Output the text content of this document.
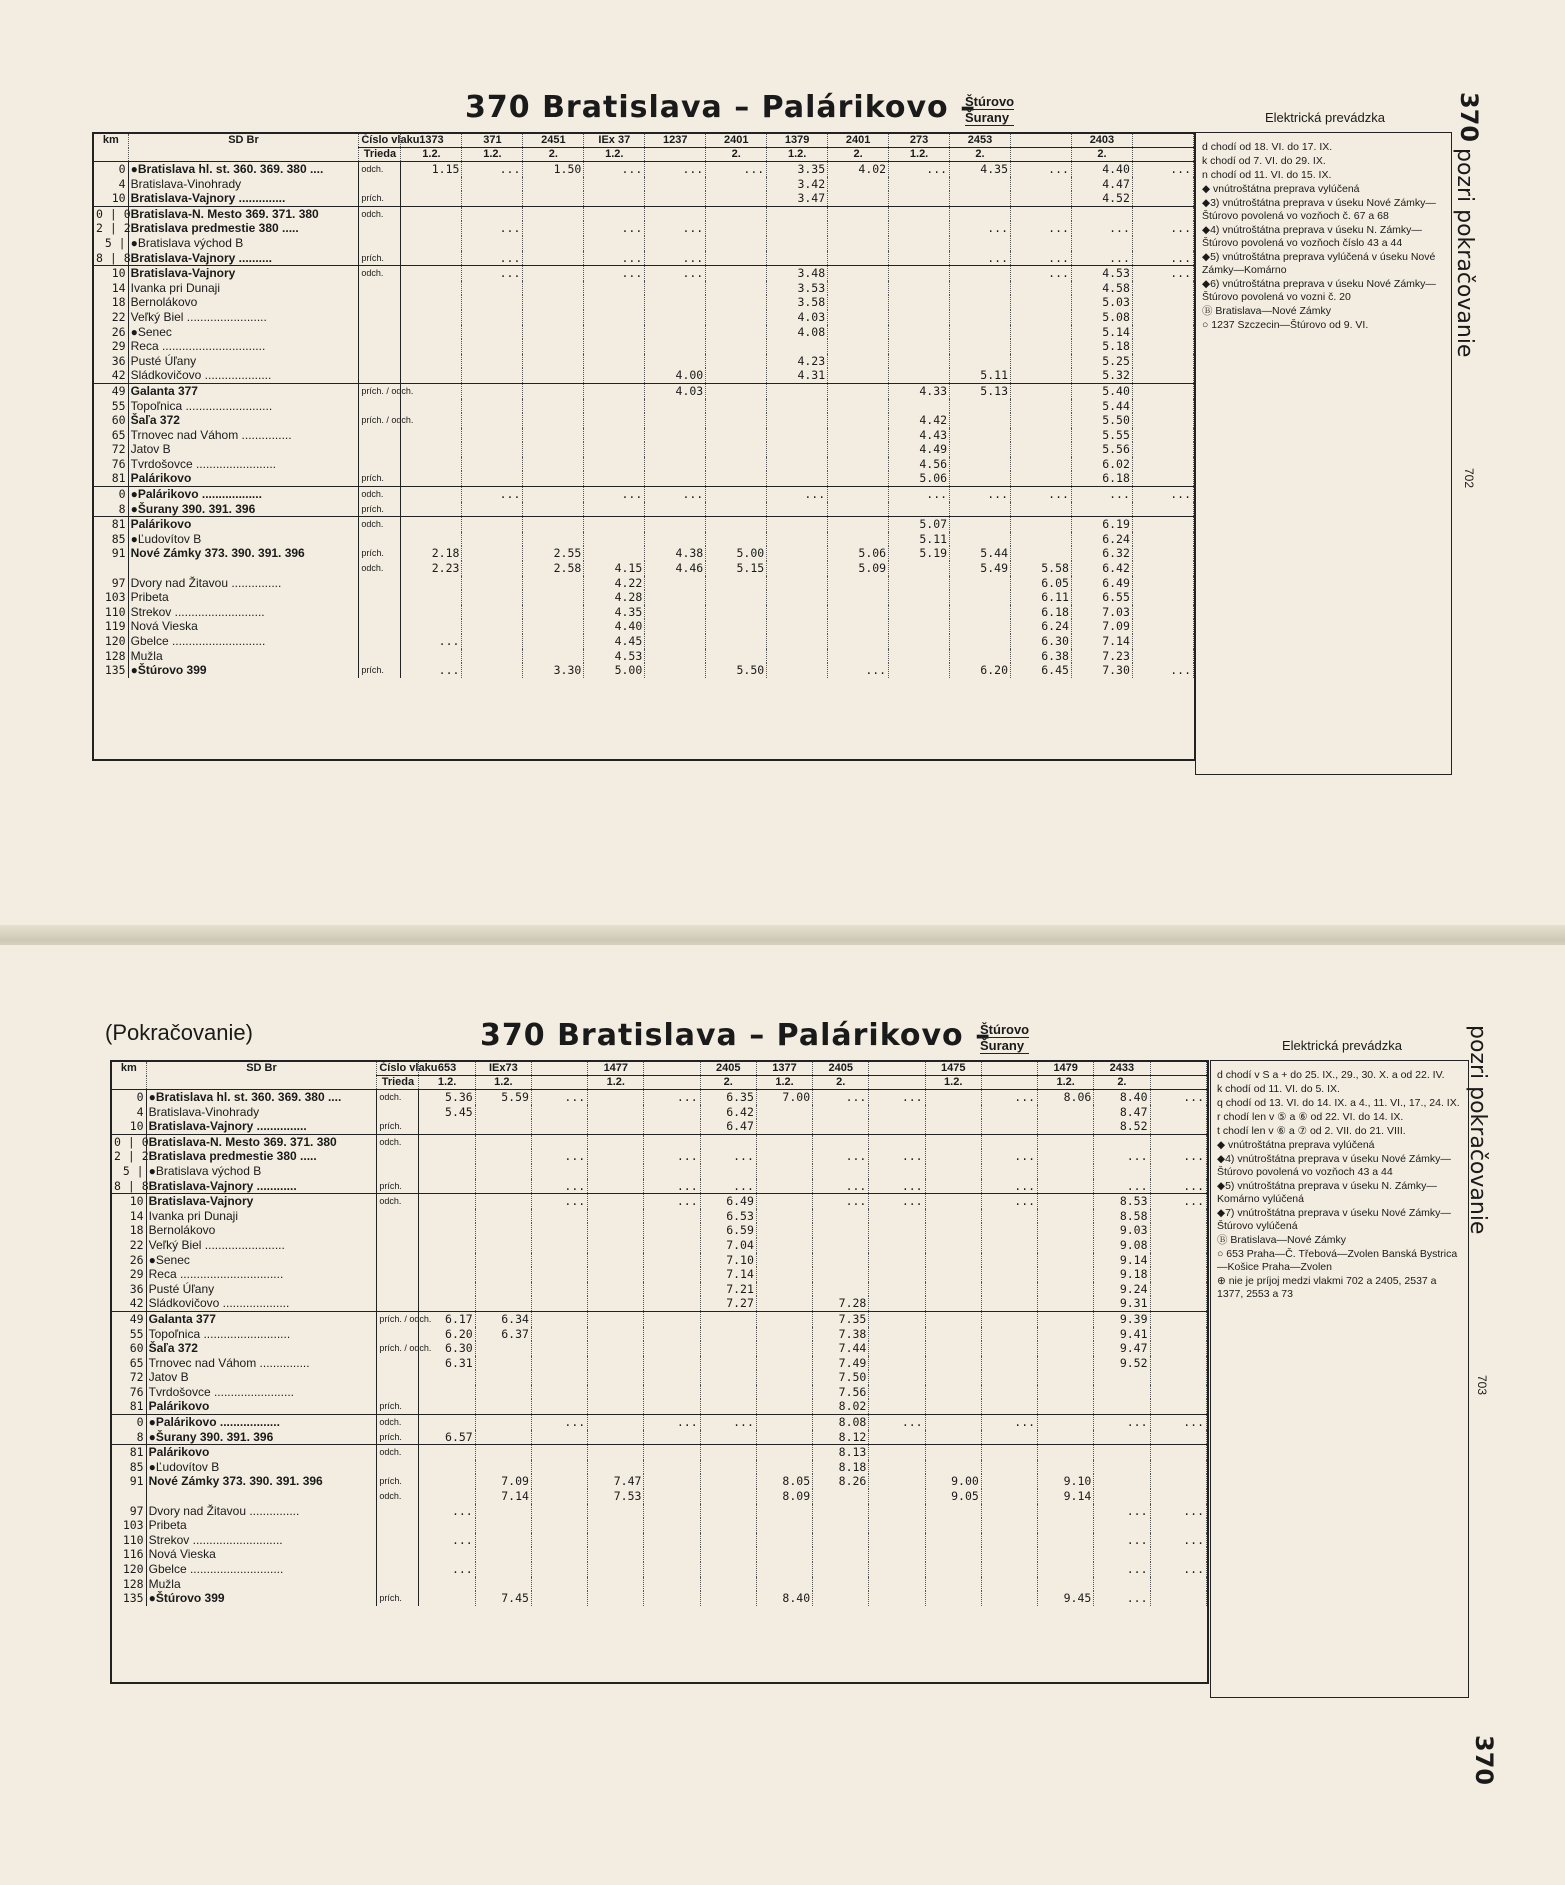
370 Bratislava – Palárikovo –
Štúrovo
Šurany	Elektrická prevádzka	370
pozri pokračovanie
702
km	SD Br	Číslo vlaku	1373	371	2451	IEx 37	1237	2401	1379	2401	273	2453		2403	
		Trieda	1.2.	1.2.	2.	1.2.		2.	1.2.	2.	1.2.	2.		2.	
0	●Bratislava hl. st. 360. 369. 380 ....	odch.	1.15	...	1.50	...	...	...	3.35	4.02	...	4.35	...	4.40	...
4	Bratislava-Vinohrady								3.42					4.47	
10	Bratislava-Vajnory ..............	prích.							3.47					4.52	
0 | 0	Bratislava-N. Mesto 369. 371. 380	odch.													
2 | 2	Bratislava predmestie 380 .....			...		...	...					...	...	...	...
5 |	●Bratislava východ B														
8 | 8	Bratislava-Vajnory ..........	prích.		...		...	...					...	...	...	...
10	Bratislava-Vajnory	odch.		...		...	...		3.48				...	4.53	...
14	Ivanka pri Dunaji								3.53					4.58	
18	Bernolákovo								3.58					5.03	
22	Veľký Biel ........................								4.03					5.08	
26	●Senec								4.08					5.14	
29	Reca ...............................													5.18	
36	Pusté Úľany								4.23					5.25	
42	Sládkovičovo ....................						4.00		4.31			5.11		5.32	
49	Galanta 377	prích. / odch.					4.03				4.33	5.13		5.40	
55	Topoľnica ..........................													5.44	
60	Šaľa 372	prích. / odch.									4.42			5.50	
65	Trnovec nad Váhom ...............										4.43			5.55	
72	Jatov B										4.49			5.56	
76	Tvrdošovce ........................										4.56			6.02	
81	Palárikovo	prích.									5.06			6.18	
0	●Palárikovo ..................	odch.		...		...	...		...		...	...	...	...	...
8	●Šurany 390. 391. 396	prích.													
81	Palárikovo	odch.									5.07			6.19	
85	●Ľudovítov B										5.11			6.24	
91	Nové Zámky 373. 390. 391. 396	prích.	2.18		2.55		4.38	5.00		5.06	5.19	5.44		6.32	
		odch.	2.23		2.58	4.15	4.46	5.15		5.09		5.49	5.58	6.42	
97	Dvory nad Žitavou ...............					4.22							6.05	6.49	
103	Pribeta					4.28							6.11	6.55	
110	Strekov ...........................					4.35							6.18	7.03	
119	Nová Vieska					4.40							6.24	7.09	
120	Gbelce ............................		...			4.45							6.30	7.14	
128	Mužla					4.53							6.38	7.23	
135	●Štúrovo 399	prích.	...		3.30	5.00		5.50		...		6.20	6.45	7.30	...
d chodí od 18. VI. do 17. IX.
k chodí od 7. VI. do 29. IX.
n chodí od 11. VI. do 15. IX.
◆ vnútroštátna preprava vylúčená
◆3) vnútroštátna preprava v úseku Nové Zámky—Štúrovo povolená vo vozňoch č. 67 a 68
◆4) vnútroštátna preprava v úseku N. Zámky—Štúrovo povolená vo vozňoch číslo 43 a 44
◆5) vnútroštátna preprava vylúčená v úseku Nové Zámky—Komárno
◆6) vnútroštátna preprava v úseku Nové Zámky—Štúrovo povolená vo vozni č. 20
Ⓑ Bratislava—Nové Zámky
○ 1237 Szczecin—Štúrovo od 9. VI.
(Pokračovanie)	370 Bratislava – Palárikovo –
Štúrovo
Šurany	Elektrická prevádzka	pozri pokračovanie
703
370
km	SD Br	Číslo vlaku	653	IEx73		1477		2405	1377	2405		1475		1479	2433	
		Trieda	1.2.	1.2.		1.2.		2.	1.2.	2.		1.2.		1.2.	2.	
0	●Bratislava hl. st. 360. 369. 380 ....	odch.	5.36	5.59	...		...	6.35	7.00	...	...		...	8.06	8.40	...
4	Bratislava-Vinohrady		5.45					6.42							8.47	
10	Bratislava-Vajnory ...............	prích.						6.47							8.52	
0 | 0	Bratislava-N. Mesto 369. 371. 380	odch.														
2 | 2	Bratislava predmestie 380 .....				...		...	...		...	...		...		...	...
5 |	●Bratislava východ B															
8 | 8	Bratislava-Vajnory ............	prích.			...		...	...		...	...		...		...	...
10	Bratislava-Vajnory	odch.			...		...	6.49		...	...		...		8.53	...
14	Ivanka pri Dunaji							6.53							8.58	
18	Bernolákovo							6.59							9.03	
22	Veľký Biel ........................							7.04							9.08	
26	●Senec							7.10							9.14	
29	Reca ...............................							7.14							9.18	
36	Pusté Úľany							7.21							9.24	
42	Sládkovičovo ....................							7.27		7.28					9.31	
49	Galanta 377	prích. / odch.	6.17	6.34						7.35					9.39	
55	Topoľnica ..........................		6.20	6.37						7.38					9.41	
60	Šaľa 372	prích. / odch.	6.30							7.44					9.47	
65	Trnovec nad Váhom ...............		6.31							7.49					9.52	
72	Jatov B									7.50						
76	Tvrdošovce ........................									7.56						
81	Palárikovo	prích.								8.02						
0	●Palárikovo ..................	odch.			...		...	...		8.08	...		...		...	...
8	●Šurany 390. 391. 396	prích.	6.57							8.12						
81	Palárikovo	odch.								8.13						
85	●Ľudovítov B									8.18						
91	Nové Zámky 373. 390. 391. 396	prích.		7.09		7.47			8.05	8.26		9.00		9.10		
		odch.		7.14		7.53			8.09			9.05		9.14		
97	Dvory nad Žitavou ...............		...												...	...
103	Pribeta															
110	Strekov ...........................		...												...	...
116	Nová Vieska															
120	Gbelce ............................		...												...	...
128	Mužla															
135	●Štúrovo 399	prích.		7.45					8.40					9.45	...	
d chodí v S a + do 25. IX., 29., 30. X. a od 22. IV.
k chodí od 11. VI. do 5. IX.
q chodí od 13. VI. do 14. IX. a 4., 11. VI., 17., 24. IX.
r chodí len v ⑤ a ⑥ od 22. VI. do 14. IX.
t chodí len v ⑥ a ⑦ od 2. VII. do 21. VIII.
◆ vnútroštátna preprava vylúčená
◆4) vnútroštátna preprava v úseku Nové Zámky—Štúrovo povolená vo vozňoch 43 a 44
◆5) vnútroštátna preprava v úseku N. Zámky—Komárno vylúčená
◆7) vnútroštátna preprava v úseku Nové Zámky—Štúrovo vylúčená
Ⓑ Bratislava—Nové Zámky
○ 653 Praha—Č. Třebová—Zvolen Banská Bystrica—Košice Praha—Zvolen
⊕ nie je príjoj medzi vlakmi 702 a 2405, 2537 a 1377, 2553 a 73
